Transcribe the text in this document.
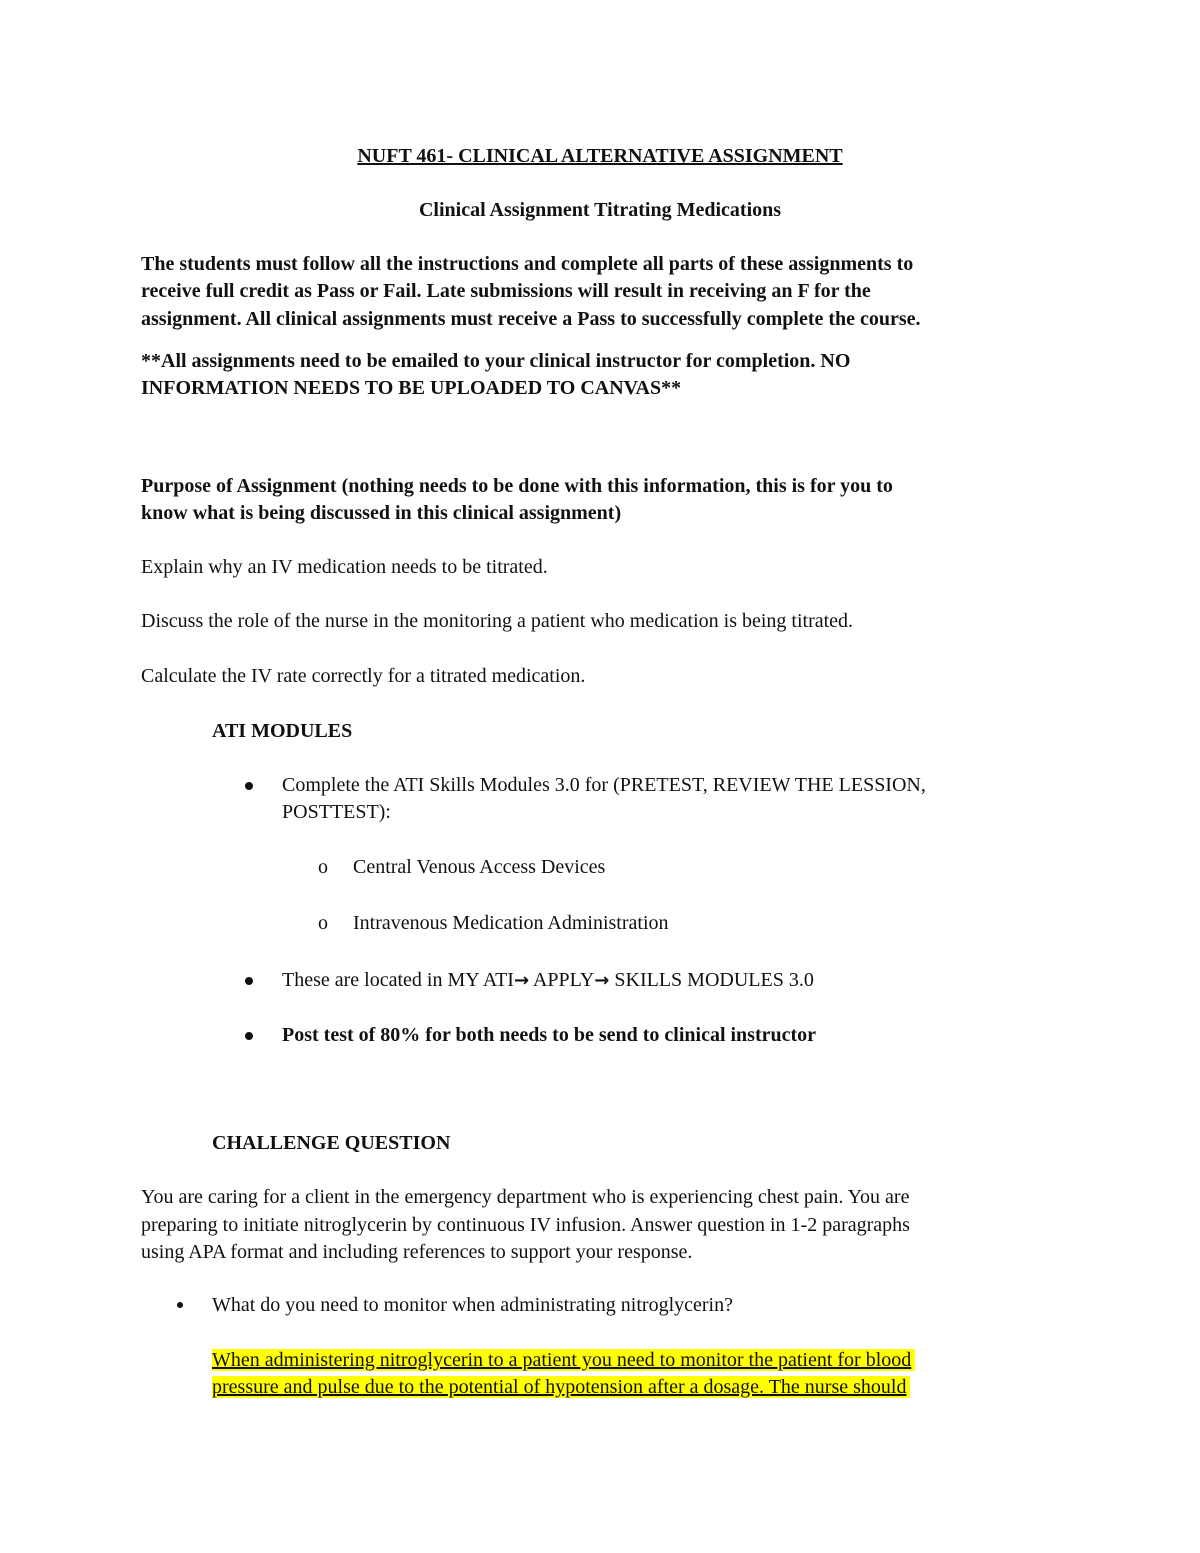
NUFT 461- CLINICAL ALTERNATIVE ASSIGNMENT
Clinical Assignment Titrating Medications
The students must follow all the instructions and complete all parts of these assignments to
receive full credit as Pass or Fail. Late submissions will result in receiving an F for the
assignment. All clinical assignments must receive a Pass to successfully complete the course.
**All assignments need to be emailed to your clinical instructor for completion. NO
INFORMATION NEEDS TO BE UPLOADED TO CANVAS**
Purpose of Assignment (nothing needs to be done with this information, this is for you to
know what is being discussed in this clinical assignment)
Explain why an IV medication needs to be titrated.
Discuss the role of the nurse in the monitoring a patient who medication is being titrated.
Calculate the IV rate correctly for a titrated medication.
ATI MODULES
Complete the ATI Skills Modules 3.0 for (PRETEST, REVIEW THE LESSION,
POSTTEST):
o Central Venous Access Devices
o Intravenous Medication Administration
These are located in MY ATI→ APPLY→ SKILLS MODULES 3.0
Post test of 80% for both needs to be send to clinical instructor
CHALLENGE QUESTION
You are caring for a client in the emergency department who is experiencing chest pain. You are
preparing to initiate nitroglycerin by continuous IV infusion. Answer question in 1-2 paragraphs
using APA format and including references to support your response.
What do you need to monitor when administrating nitroglycerin?
When administering nitroglycerin to a patient you need to monitor the patient for blood
pressure and pulse due to the potential of hypotension after a dosage. The nurse should
